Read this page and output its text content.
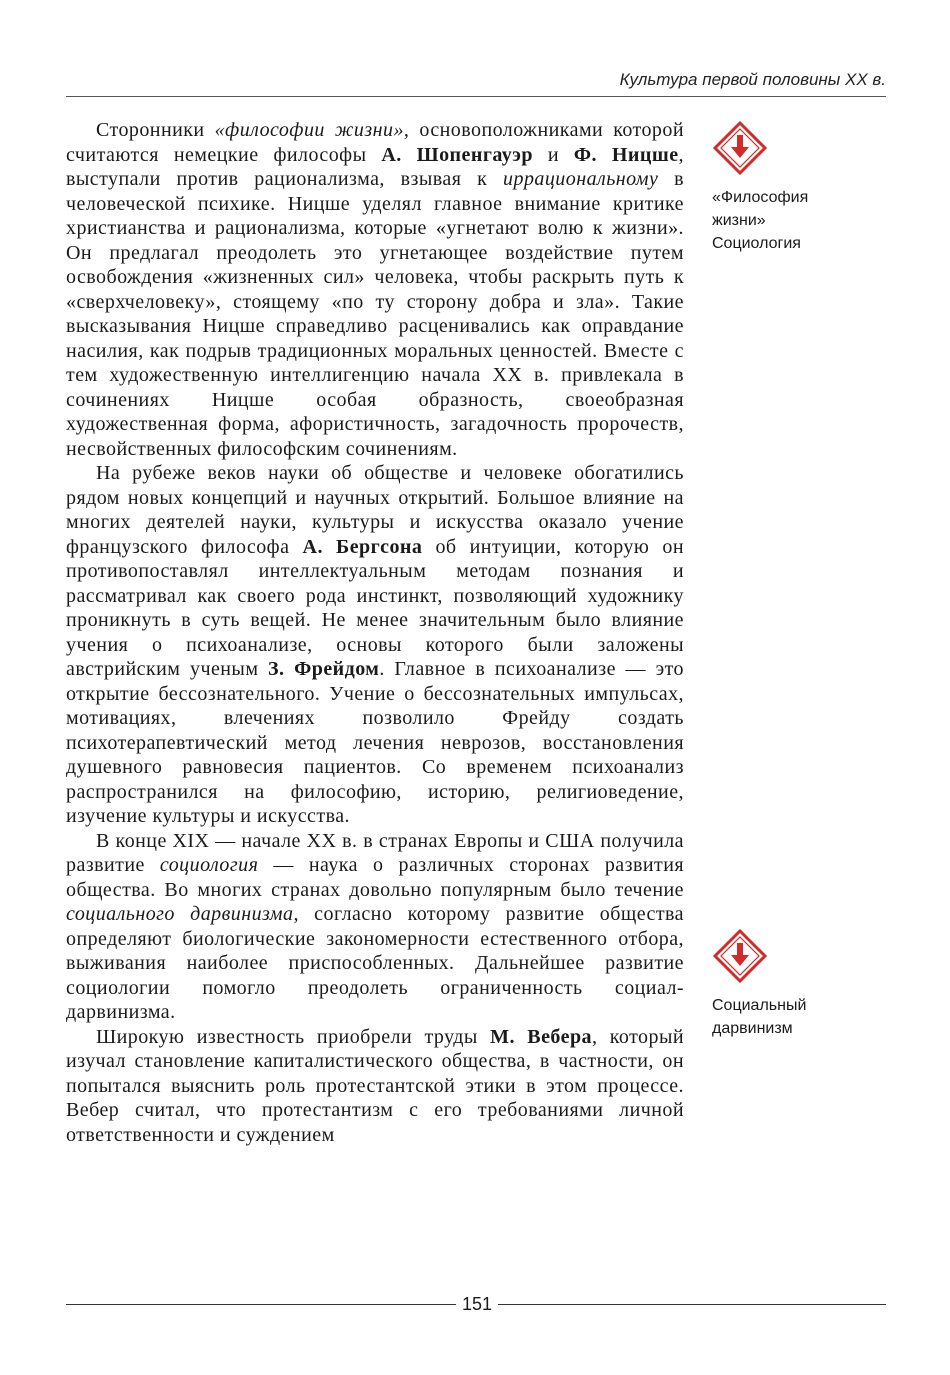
Культура первой половины XX в.

Сторонники «философии жизни», основоположниками которой считаются немецкие философы А. Шопенгауэр и Ф. Ницше, выступали против рационализма, взывая к иррациональному в человеческой психике. Ницше уделял главное внимание критике христианства и рационализма, которые «угнетают волю к жизни». Он предлагал преодолеть это угнетающее воздействие путем освобождения «жизненных сил» человека, чтобы раскрыть путь к «сверхчеловеку», стоящему «по ту сторону добра и зла». Такие высказывания Ницше справедливо расценивались как оправдание насилия, как подрыв традиционных моральных ценностей. Вместе с тем художественную интеллигенцию начала XX в. привлекала в сочинениях Ницше особая образность, своеобразная художественная форма, афористичность, загадочность пророчеств, несвойственных философским сочинениям.

На рубеже веков науки об обществе и человеке обогатились рядом новых концепций и научных открытий. Большое влияние на многих деятелей науки, культуры и искусства оказало учение французского философа А. Бергсона об интуиции, которую он противопоставлял интеллектуальным методам познания и рассматривал как своего рода инстинкт, позволяющий художнику проникнуть в суть вещей. Не менее значительным было влияние учения о психоанализе, основы которого были заложены австрийским ученым З. Фрейдом. Главное в психоанализе — это открытие бессознательного. Учение о бессознательных импульсах, мотивациях, влечениях позволило Фрейду создать психотерапевтический метод лечения неврозов, восстановления душевного равновесия пациентов. Со временем психоанализ распространился на философию, историю, религиоведение, изучение культуры и искусства.

В конце XIX — начале XX в. в странах Европы и США получила развитие социология — наука о различных сторонах развития общества. Во многих странах довольно популярным было течение социального дарвинизма, согласно которому развитие общества определяют биологические закономерности естественного отбора, выживания наиболее приспособленных. Дальнейшее развитие социологии помогло преодолеть ограниченность социал-дарвинизма.

Широкую известность приобрели труды М. Вебера, который изучал становление капиталистического общества, в частности, он попытался выяснить роль протестантской этики в этом процессе. Вебер считал, что протестантизм с его требованиями личной ответственности и суждением

«Философия
жизни»
Социология
Социальный
дарвинизм
151
